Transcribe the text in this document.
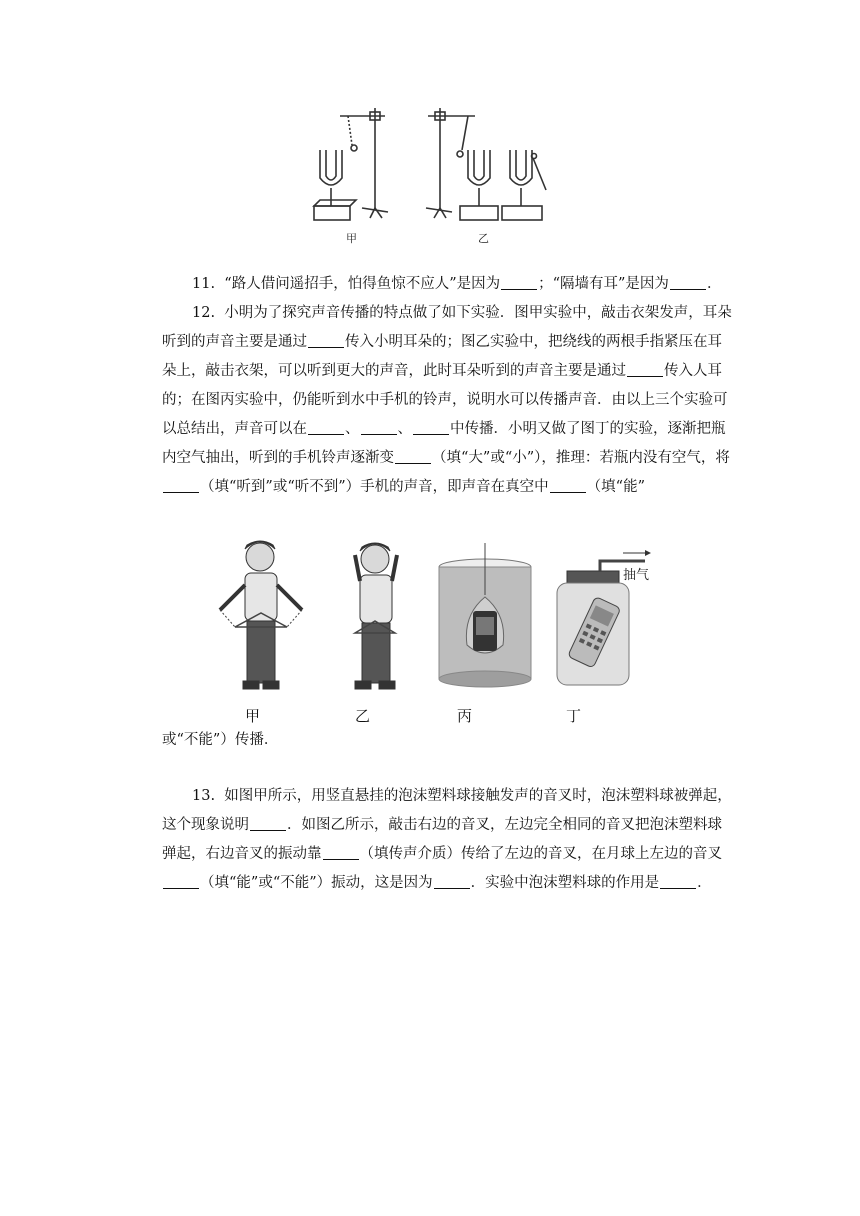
甲	乙

11. “路人借问遥招手，怕得鱼惊不应人”是因为	；“隔墙有耳”是因为	．

12. 小明为了探究声音传播的特点做了如下实验．图甲实验中，敲击衣架发声，耳朵听到的声音主要是通过	传入小明耳朵的；图乙实验中，把绕线的两根手指紧压在耳朵上，敲击衣架，可以听到更大的声音，此时耳朵听到的声音主要是通过	传入人耳的；在图丙实验中，仍能听到水中手机的铃声，说明水可以传播声音．由以上三个实验可以总结出，声音可以在	、	、	中传播．小明又做了图丁的实验，逐渐把瓶内空气抽出，听到的手机铃声逐渐变	（填“大”或“小”），推理：若瓶内没有空气，将（填“听到”或“听不到”）手机的声音，即声音在真空中	（填“能”

抽气
甲	乙	丙	丁

或“不能”）传播．

13. 如图甲所示，用竖直悬挂的泡沫塑料球接触发声的音叉时，泡沫塑料球被弹起，这个现象说明	．如图乙所示，敲击右边的音叉，左边完全相同的音叉把泡沫塑料球弹起，右边音叉的振动靠	（填传声介质）传给了左边的音叉，在月球上左边的音叉（填“能”或“不能”）振动，这是因为	．实验中泡沫塑料球的作用是	．
